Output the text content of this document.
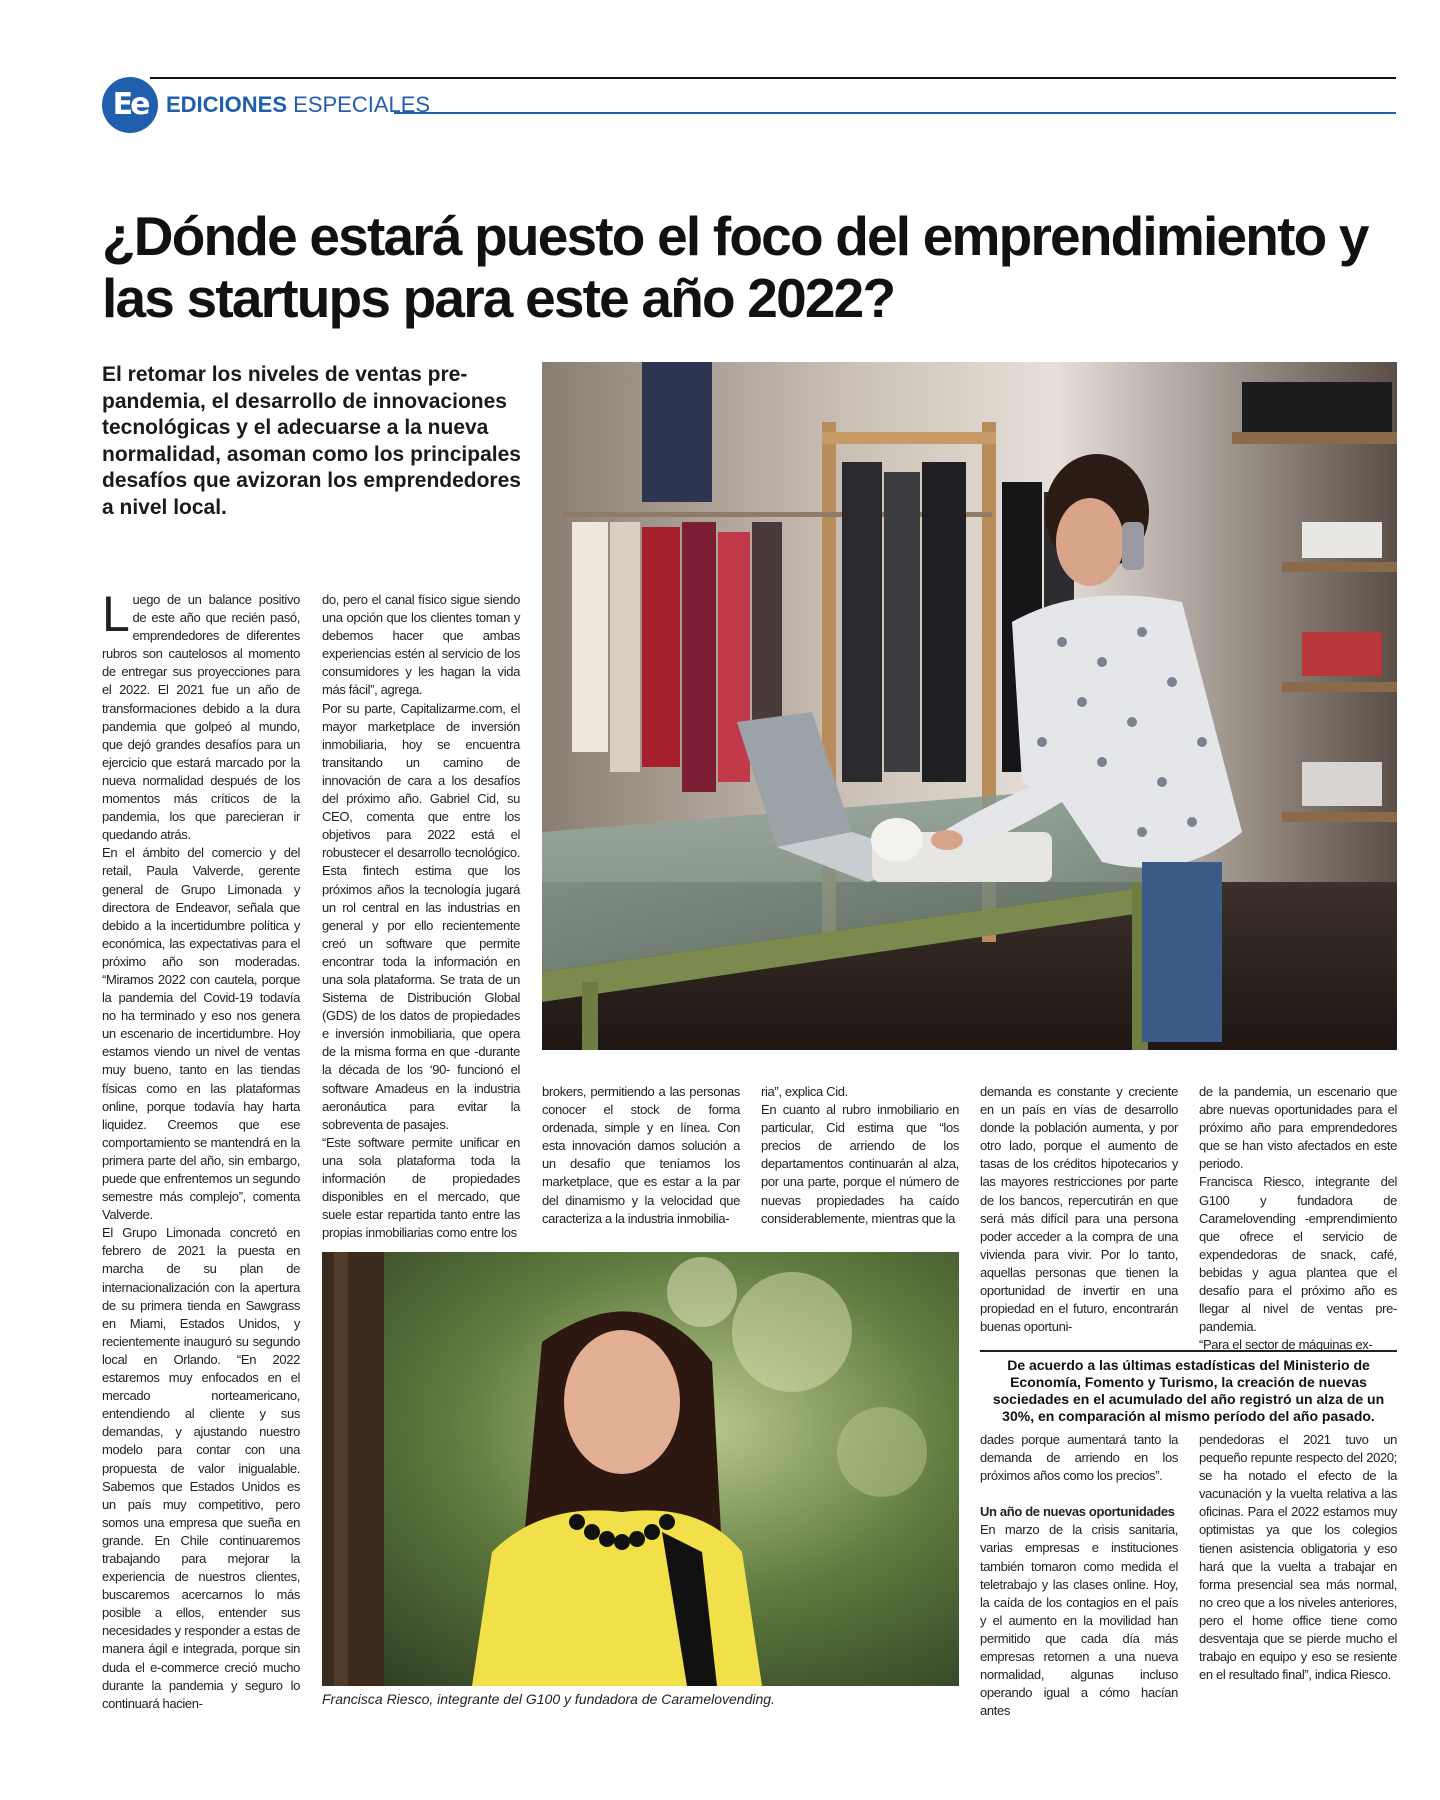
Ee EDICIONES ESPECIALES
¿Dónde estará puesto el foco del emprendimiento y las startups para este año 2022?
El retomar los niveles de ventas pre-pandemia, el desarrollo de innovaciones tecnológicas y el adecuarse a la nueva normalidad, asoman como los principales desafíos que avizoran los emprendedores a nivel local.

Luego de un balance positivo de este año que recién pasó, emprendedores de diferentes rubros son cautelosos al momento de entregar sus proyecciones para el 2022. El 2021 fue un año de transformaciones debido a la dura pandemia que golpeó al mundo, que dejó grandes desafíos para un ejercicio que estará marcado por la nueva normalidad después de los momentos más críticos de la pandemia, los que parecieran ir quedando atrás.

En el ámbito del comercio y del retail, Paula Valverde, gerente general de Grupo Limonada y directora de Endeavor, señala que debido a la incertidumbre política y económica, las expectativas para el próximo año son moderadas. “Miramos 2022 con cautela, porque la pandemia del Covid-19 todavía no ha terminado y eso nos genera un escenario de incertidumbre. Hoy estamos viendo un nivel de ventas muy bueno, tanto en las tiendas físicas como en las plataformas online, porque todavía hay harta liquidez. Creemos que ese comportamiento se mantendrá en la primera parte del año, sin embargo, puede que enfrentemos un segundo semestre más complejo”, comenta Valverde.

El Grupo Limonada concretó en febrero de 2021 la puesta en marcha de su plan de internacionalización con la apertura de su primera tienda en Sawgrass en Miami, Estados Unidos, y recientemente inauguró su segundo local en Orlando. “En 2022 estaremos muy enfocados en el mercado norteamericano, entendiendo al cliente y sus demandas, y ajustando nuestro modelo para contar con una propuesta de valor inigualable. Sabemos que Estados Unidos es un país muy competitivo, pero somos una empresa que sueña en grande. En Chile continuaremos trabajando para mejorar la experiencia de nuestros clientes, buscaremos acercarnos lo más posible a ellos, entender sus necesidades y responder a estas de manera ágil e integrada, porque sin duda el e-commerce creció mucho durante la pandemia y seguro lo continuará hacien-

do, pero el canal físico sigue siendo una opción que los clientes toman y debemos hacer que ambas experiencias estén al servicio de los consumidores y les hagan la vida más fácil”, agrega.

Por su parte, Capitalizarme.com, el mayor marketplace de inversión inmobiliaria, hoy se encuentra transitando un camino de innovación de cara a los desafíos del próximo año. Gabriel Cid, su CEO, comenta que entre los objetivos para 2022 está el robustecer el desarrollo tecnológico. Esta fintech estima que los próximos años la tecnología jugará un rol central en las industrias en general y por ello recientemente creó un software que permite encontrar toda la información en una sola plataforma. Se trata de un Sistema de Distribución Global (GDS) de los datos de propiedades e inversión inmobiliaria, que opera de la misma forma en que -durante la década de los ‘90- funcionó el software Amadeus en la industria aeronáutica para evitar la sobreventa de pasajes.

“Este software permite unificar en una sola plataforma toda la información de propiedades disponibles en el mercado, que suele estar repartida tanto entre las propias inmobiliarias como entre los

brokers, permitiendo a las personas conocer el stock de forma ordenada, simple y en línea. Con esta innovación damos solución a un desafío que teníamos los marketplace, que es estar a la par del dinamismo y la velocidad que caracteriza a la industria inmobilia-

ria”, explica Cid.

En cuanto al rubro inmobiliario en particular, Cid estima que “los precios de arriendo de los departamentos continuarán al alza, por una parte, porque el número de nuevas propiedades ha caído considerablemente, mientras que la

demanda es constante y creciente en un país en vías de desarrollo donde la población aumenta, y por otro lado, porque el aumento de tasas de los créditos hipotecarios y las mayores restricciones por parte de los bancos, repercutirán en que será más difícil para una persona poder acceder a la compra de una vivienda para vivir. Por lo tanto, aquellas personas que tienen la oportunidad de invertir en una propiedad en el futuro, encontrarán buenas oportuni-

de la pandemia, un escenario que abre nuevas oportunidades para el próximo año para emprendedores que se han visto afectados en este periodo.

Francisca Riesco, integrante del G100 y fundadora de Caramelovending -emprendimiento que ofrece el servicio de expendedoras de snack, café, bebidas y agua plantea que el desafío para el próximo año es llegar al nivel de ventas pre-pandemia.

“Para el sector de máquinas ex-

De acuerdo a las últimas estadísticas del Ministerio de Economía, Fomento y Turismo, la creación de nuevas sociedades en el acumulado del año registró un alza de un 30%, en comparación al mismo período del año pasado.

dades porque aumentará tanto la demanda de arriendo en los próximos años como los precios”.

Un año de nuevas oportunidades

En marzo de la crisis sanitaria, varias empresas e instituciones también tomaron como medida el teletrabajo y las clases online. Hoy, la caída de los contagios en el país y el aumento en la movilidad han permitido que cada día más empresas retornen a una nueva normalidad, algunas incluso operando igual a cómo hacían antes

pendedoras el 2021 tuvo un pequeño repunte respecto del 2020; se ha notado el efecto de la vacunación y la vuelta relativa a las oficinas. Para el 2022 estamos muy optimistas ya que los colegios tienen asistencia obligatoria y eso hará que la vuelta a trabajar en forma presencial sea más normal, no creo que a los niveles anteriores, pero el home office tiene como desventaja que se pierde mucho el trabajo en equipo y eso se resiente en el resultado final”, indica Riesco.

Francisca Riesco, integrante del G100 y fundadora de Caramelovending.
